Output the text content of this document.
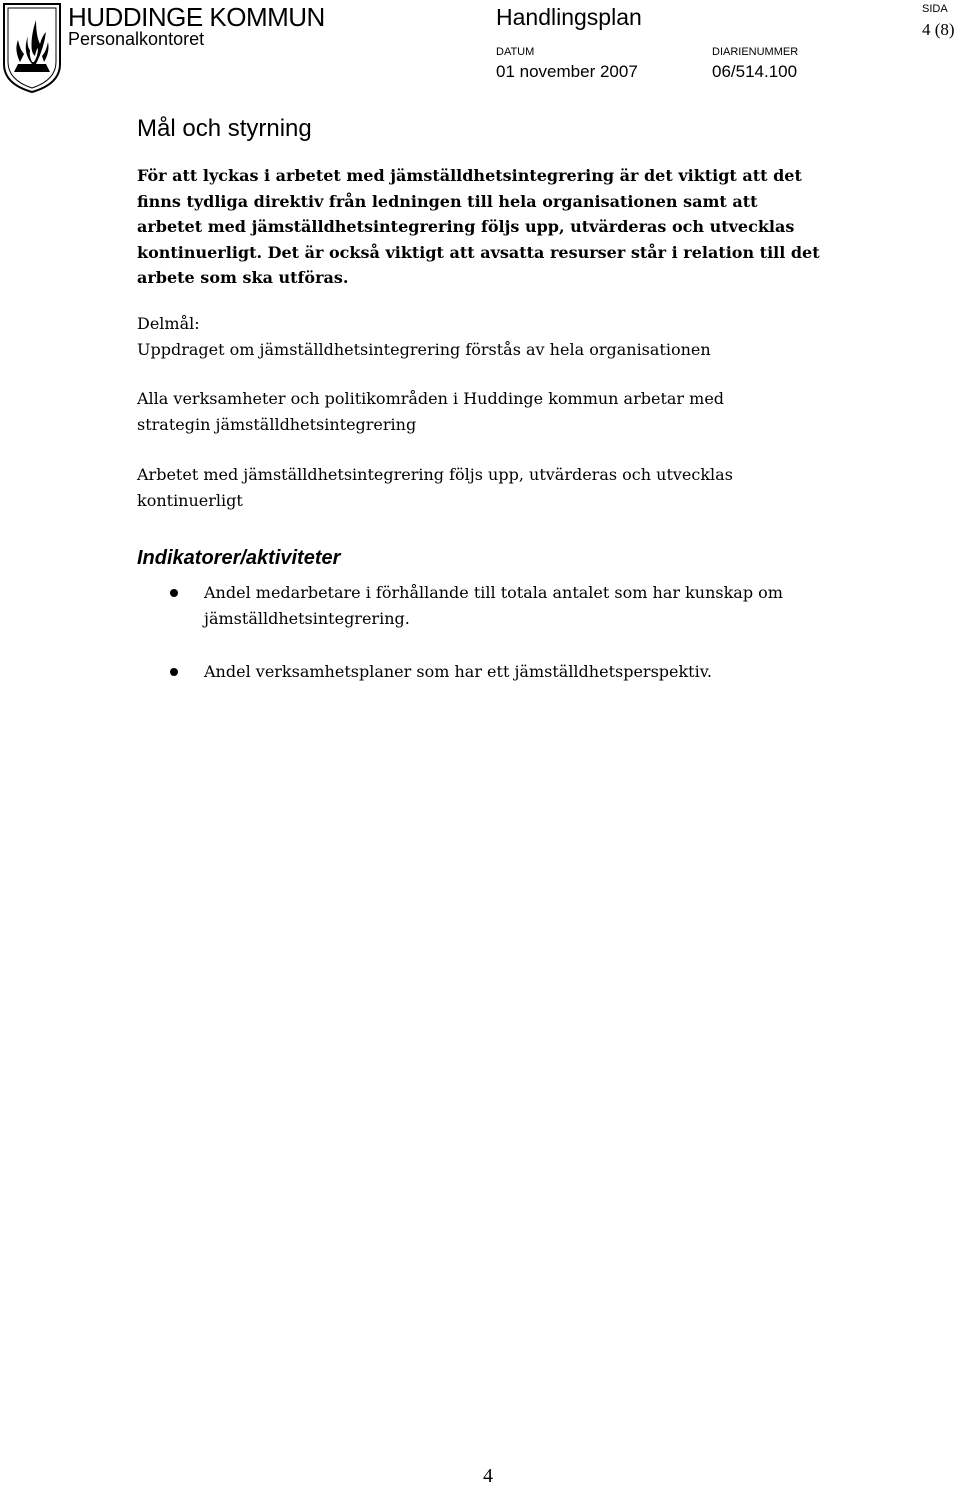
HUDDINGE KOMMUN
Personalkontoret
Handlingsplan
DATUM
01 november 2007
DIARIENUMMER
06/514.100
SIDA
4 (8)
Mål och styrning
För att lyckas i arbetet med jämställdhetsintegrering är det viktigt att det
finns tydliga direktiv från ledningen till hela organisationen samt att
arbetet med jämställdhetsintegrering följs upp, utvärderas och utvecklas
kontinuerligt. Det är också viktigt att avsatta resurser står i relation till det
arbete som ska utföras.
Delmål:
Uppdraget om jämställdhetsintegrering förstås av hela organisationen
Alla verksamheter och politikområden i Huddinge kommun arbetar med
strategin jämställdhetsintegrering
Arbetet med jämställdhetsintegrering följs upp, utvärderas och utvecklas
kontinuerligt
Indikatorer/aktiviteter
Andel medarbetare i förhållande till totala antalet som har kunskap om
jämställdhetsintegrering.
Andel verksamhetsplaner som har ett jämställdhetsperspektiv.
4
